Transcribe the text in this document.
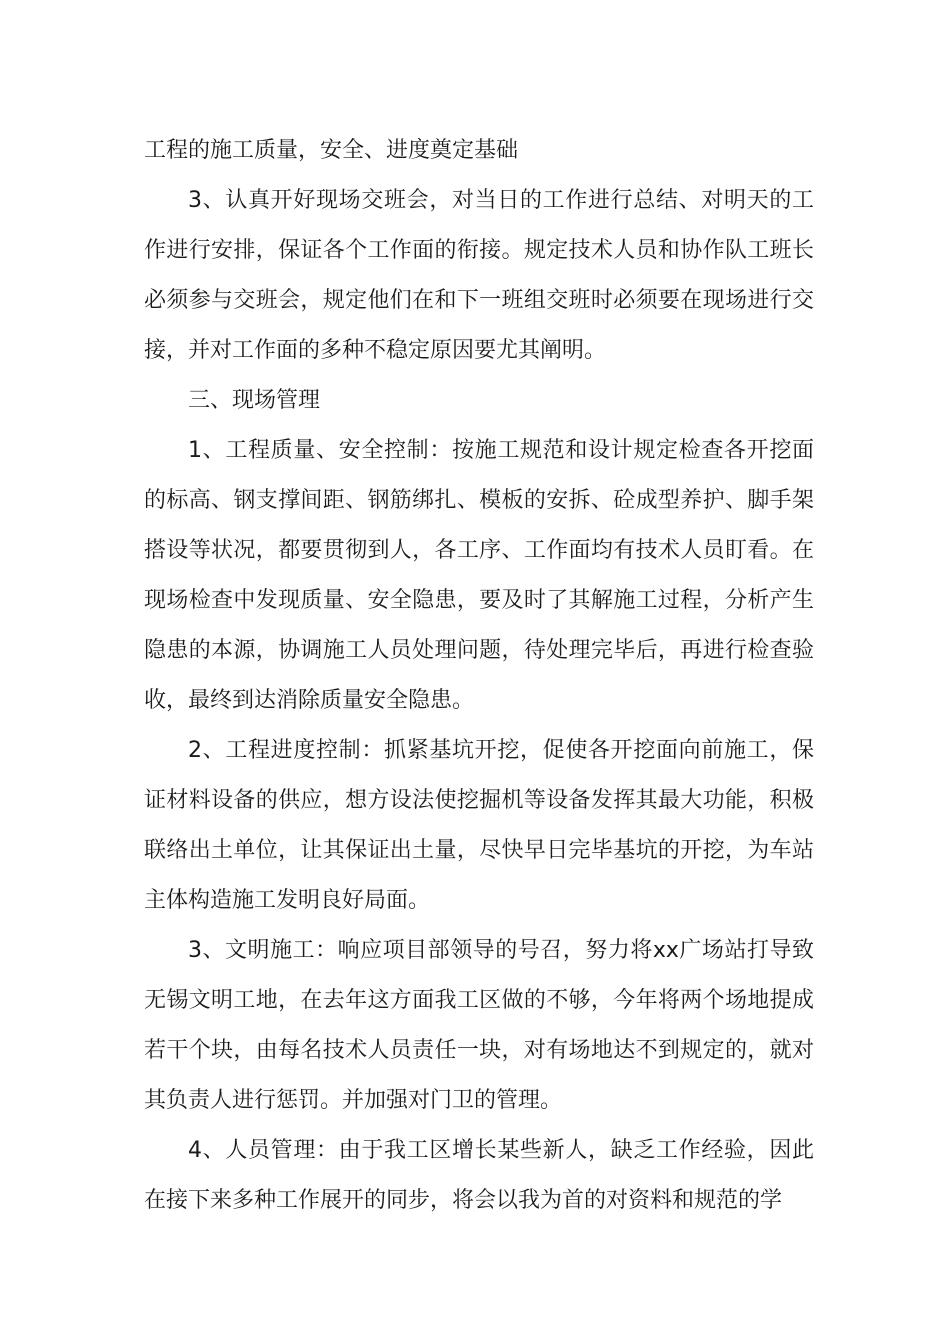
工程的施工质量，安全、进度奠定基础

3、认真开好现场交班会，对当日的工作进行总结、对明天的工作进行安排，保证各个工作面的衔接。规定技术人员和协作队工班长必须参与交班会，规定他们在和下一班组交班时必须要在现场进行交接，并对工作面的多种不稳定原因要尤其阐明。

三、现场管理

1、工程质量、安全控制：按施工规范和设计规定检查各开挖面的标高、钢支撑间距、钢筋绑扎、模板的安拆、砼成型养护、脚手架搭设等状况，都要贯彻到人，各工序、工作面均有技术人员盯看。在现场检查中发现质量、安全隐患，要及时了其解施工过程，分析产生隐患的本源，协调施工人员处理问题，待处理完毕后，再进行检查验收，最终到达消除质量安全隐患。

2、工程进度控制：抓紧基坑开挖，促使各开挖面向前施工，保证材料设备的供应，想方设法使挖掘机等设备发挥其最大功能，积极联络出土单位，让其保证出土量，尽快早日完毕基坑的开挖，为车站主体构造施工发明良好局面。

3、文明施工：响应项目部领导的号召，努力将xx广场站打导致无锡文明工地，在去年这方面我工区做的不够，今年将两个场地提成若干个块，由每名技术人员责任一块，对有场地达不到规定的，就对其负责人进行惩罚。并加强对门卫的管理。

4、人员管理：由于我工区增长某些新人，缺乏工作经验，因此在接下来多种工作展开的同步，将会以我为首的对资料和规范的学
